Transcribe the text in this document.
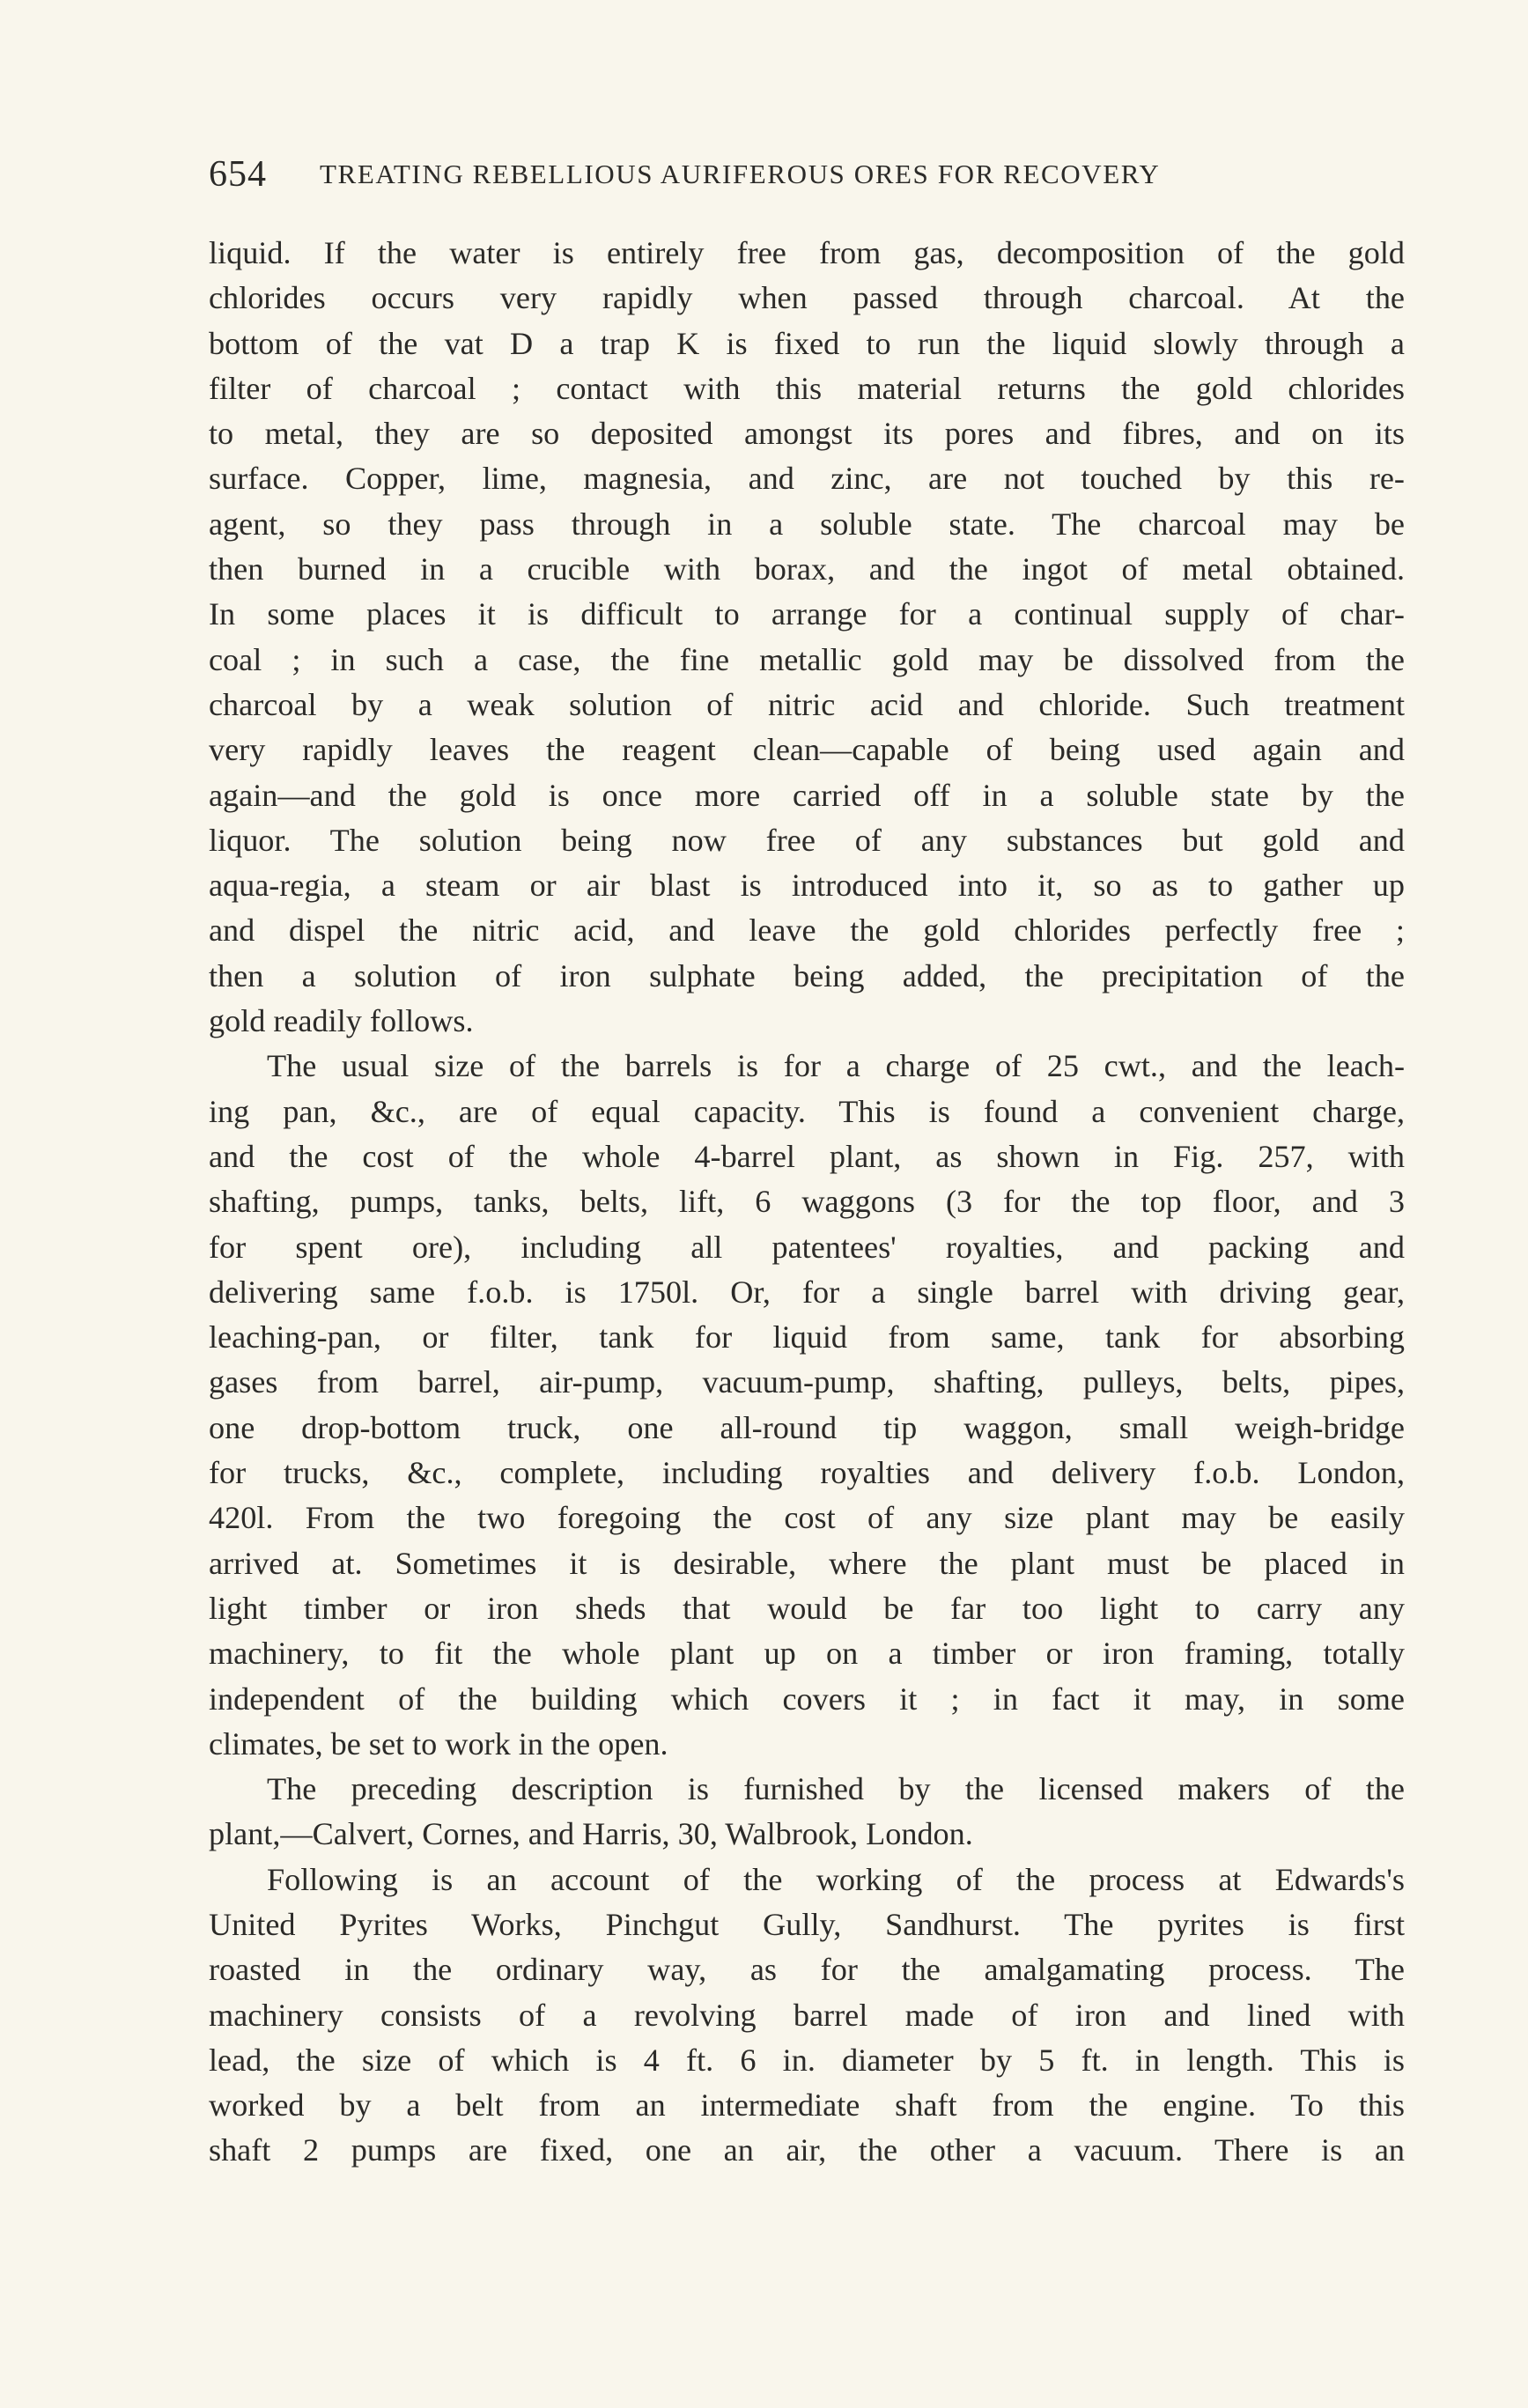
654 TREATING REBELLIOUS AURIFEROUS ORES FOR RECOVERY
liquid. If the water is entirely free from gas, decomposition of the gold
chlorides occurs very rapidly when passed through charcoal. At the
bottom of the vat D a trap K is fixed to run the liquid slowly through a
filter of charcoal ; contact with this material returns the gold chlorides
to metal, they are so deposited amongst its pores and fibres, and on its
surface. Copper, lime, magnesia, and zinc, are not touched by this re-
agent, so they pass through in a soluble state. The charcoal may be
then burned in a crucible with borax, and the ingot of metal obtained.
In some places it is difficult to arrange for a continual supply of char-
coal ; in such a case, the fine metallic gold may be dissolved from the
charcoal by a weak solution of nitric acid and chloride. Such treatment
very rapidly leaves the reagent clean—capable of being used again and
again—and the gold is once more carried off in a soluble state by the
liquor. The solution being now free of any substances but gold and
aqua-regia, a steam or air blast is introduced into it, so as to gather up
and dispel the nitric acid, and leave the gold chlorides perfectly free ;
then a solution of iron sulphate being added, the precipitation of the
gold readily follows.
The usual size of the barrels is for a charge of 25 cwt., and the leach-
ing pan, &c., are of equal capacity. This is found a convenient charge,
and the cost of the whole 4-barrel plant, as shown in Fig. 257, with
shafting, pumps, tanks, belts, lift, 6 waggons (3 for the top floor, and 3
for spent ore), including all patentees' royalties, and packing and
delivering same f.o.b. is 1750l. Or, for a single barrel with driving gear,
leaching-pan, or filter, tank for liquid from same, tank for absorbing
gases from barrel, air-pump, vacuum-pump, shafting, pulleys, belts, pipes,
one drop-bottom truck, one all-round tip waggon, small weigh-bridge
for trucks, &c., complete, including royalties and delivery f.o.b. London,
420l. From the two foregoing the cost of any size plant may be easily
arrived at. Sometimes it is desirable, where the plant must be placed in
light timber or iron sheds that would be far too light to carry any
machinery, to fit the whole plant up on a timber or iron framing, totally
independent of the building which covers it ; in fact it may, in some
climates, be set to work in the open.
The preceding description is furnished by the licensed makers of the
plant,—Calvert, Cornes, and Harris, 30, Walbrook, London.
Following is an account of the working of the process at Edwards's
United Pyrites Works, Pinchgut Gully, Sandhurst. The pyrites is first
roasted in the ordinary way, as for the amalgamating process. The
machinery consists of a revolving barrel made of iron and lined with
lead, the size of which is 4 ft. 6 in. diameter by 5 ft. in length. This is
worked by a belt from an intermediate shaft from the engine. To this
shaft 2 pumps are fixed, one an air, the other a vacuum. There is an
